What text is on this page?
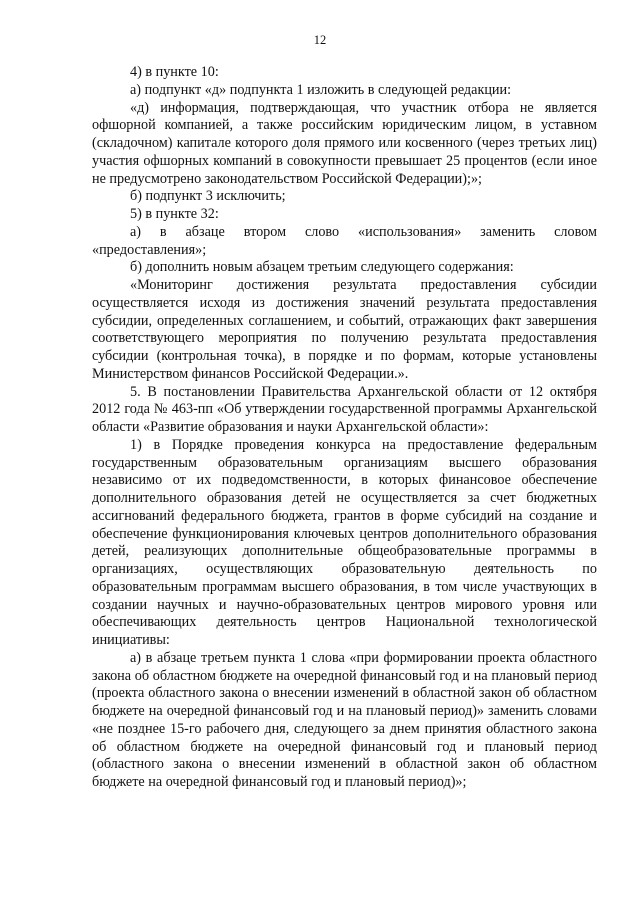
12

4) в пункте 10:

а) подпункт «д» подпункта 1 изложить в следующей редакции:

«д) информация, подтверждающая, что участник отбора не является офшорной компанией, а также российским юридическим лицом, в уставном (складочном) капитале которого доля прямого или косвенного (через третьих лиц) участия офшорных компаний в совокупности превышает 25 процентов (если иное не предусмотрено законодательством Российской Федерации);»;

б) подпункт 3 исключить;

5) в пункте 32:

а) в абзаце втором слово «использования» заменить словом «предоставления»;

б) дополнить новым абзацем третьим следующего содержания:

«Мониторинг достижения результата предоставления субсидии осуществляется исходя из достижения значений результата предоставления субсидии, определенных соглашением, и событий, отражающих факт завершения соответствующего мероприятия по получению результата предоставления субсидии (контрольная точка), в порядке и по формам, которые установлены Министерством финансов Российской Федерации.».

5. В постановлении Правительства Архангельской области от 12 октября 2012 года № 463-пп «Об утверждении государственной программы Архангельской области «Развитие образования и науки Архангельской области»:

1) в Порядке проведения конкурса на предоставление федеральным государственным образовательным организациям высшего образования независимо от их подведомственности, в которых финансовое обеспечение дополнительного образования детей не осуществляется за счет бюджетных ассигнований федерального бюджета, грантов в форме субсидий на создание и обеспечение функционирования ключевых центров дополнительного образования детей, реализующих дополнительные общеобразовательные программы в организациях, осуществляющих образовательную деятельность по образовательным программам высшего образования, в том числе участвующих в создании научных и научно-образовательных центров мирового уровня или обеспечивающих деятельность центров Национальной технологической инициативы:

а) в абзаце третьем пункта 1 слова «при формировании проекта областного закона об областном бюджете на очередной финансовый год и на плановый период (проекта областного закона о внесении изменений в областной закон об областном бюджете на очередной финансовый год и на плановый период)» заменить словами «не позднее 15-го рабочего дня, следующего за днем принятия областного закона об областном бюджете на очередной финансовый год и плановый период (областного закона о внесении изменений в областной закон об областном бюджете на очередной финансовый год и плановый период)»;
